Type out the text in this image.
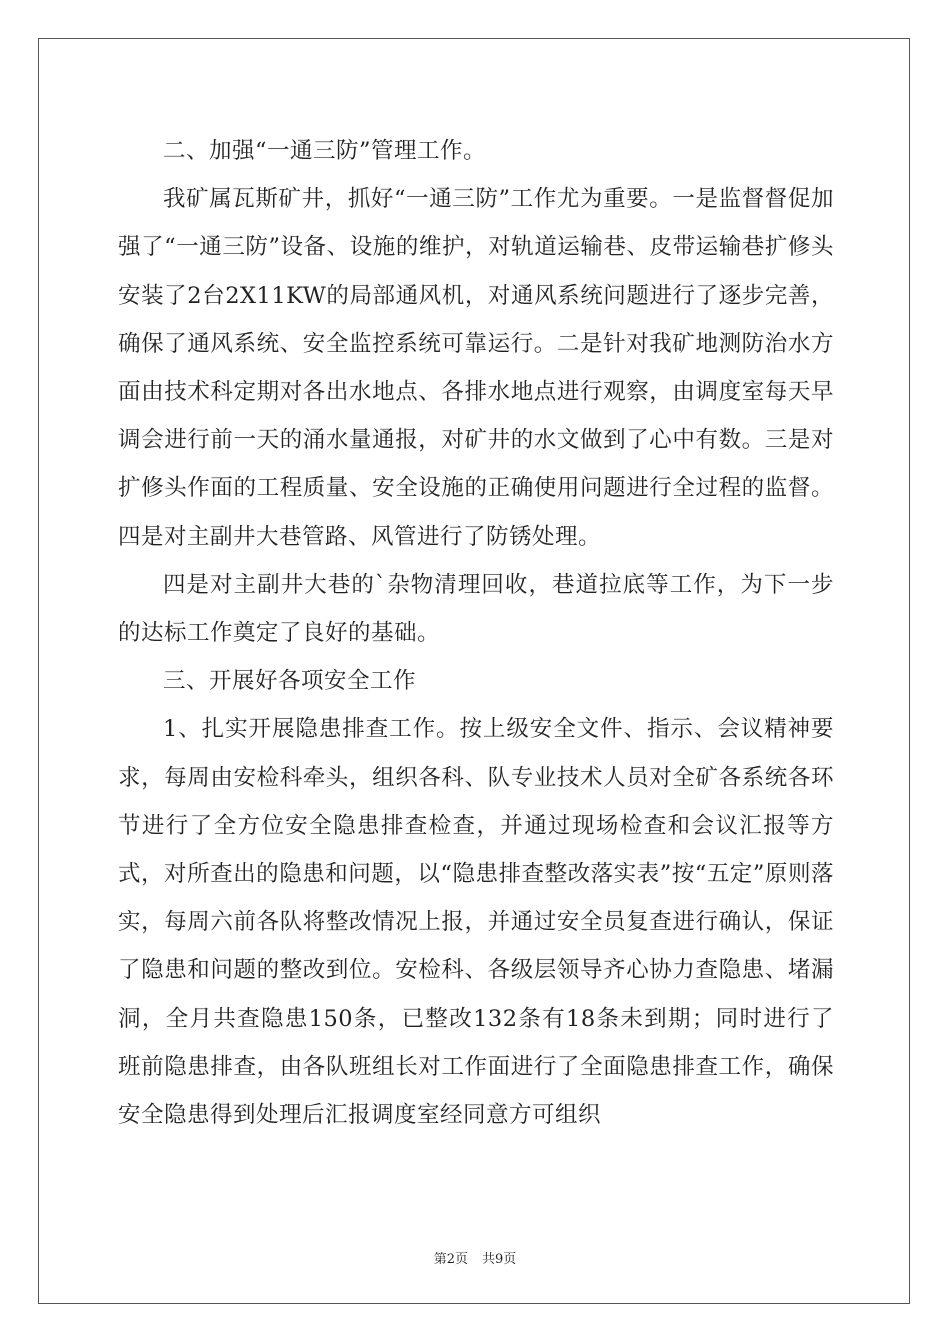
二、加强“一通三防”管理工作。

我矿属瓦斯矿井，抓好“一通三防”工作尤为重要。一是监督督促加强了“一通三防”设备、设施的维护，对轨道运输巷、皮带运输巷扩修头安装了2台2X11KW的局部通风机，对通风系统问题进行了逐步完善，确保了通风系统、安全监控系统可靠运行。二是针对我矿地测防治水方面由技术科定期对各出水地点、各排水地点进行观察，由调度室每天早调会进行前一天的涌水量通报，对矿井的水文做到了心中有数。三是对扩修头作面的工程质量、安全设施的正确使用问题进行全过程的监督。四是对主副井大巷管路、风管进行了防锈处理。

四是对主副井大巷的`杂物清理回收，巷道拉底等工作，为下一步的达标工作奠定了良好的基础。

三、开展好各项安全工作

1、扎实开展隐患排查工作。按上级安全文件、指示、会议精神要求，每周由安检科牵头，组织各科、队专业技术人员对全矿各系统各环节进行了全方位安全隐患排查检查，并通过现场检查和会议汇报等方式，对所查出的隐患和问题，以“隐患排查整改落实表”按“五定”原则落实，每周六前各队将整改情况上报，并通过安全员复查进行确认，保证了隐患和问题的整改到位。安检科、各级层领导齐心协力查隐患、堵漏洞，全月共查隐患150条，已整改132条有18条未到期；同时进行了班前隐患排查，由各队班组长对工作面进行了全面隐患排查工作，确保安全隐患得到处理后汇报调度室经同意方可组织

第2页 共9页
